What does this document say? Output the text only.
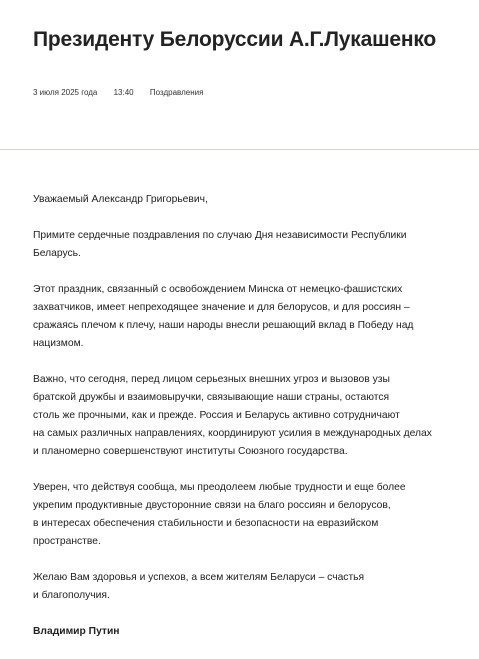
Президенту Белоруссии А.Г.Лукашенко
3 июля 2025 года 13:40 Поздравления

Уважаемый Александр Григорьевич,

Примите сердечные поздравления по случаю Дня независимости Республики
Беларусь.

Этот праздник, связанный с освобождением Минска от немецко-фашистских
захватчиков, имеет непреходящее значение и для белорусов, и для россиян –
сражаясь плечом к плечу, наши народы внесли решающий вклад в Победу над
нацизмом.

Важно, что сегодня, перед лицом серьезных внешних угроз и вызовов узы
братской дружбы и взаимовыручки, связывающие наши страны, остаются
столь же прочными, как и прежде. Россия и Беларусь активно сотрудничают
на самых различных направлениях, координируют усилия в международных делах
и планомерно совершенствуют институты Союзного государства.

Уверен, что действуя сообща, мы преодолеем любые трудности и еще более
укрепим продуктивные двусторонние связи на благо россиян и белорусов,
в интересах обеспечения стабильности и безопасности на евразийском
пространстве.

Желаю Вам здоровья и успехов, а всем жителям Беларуси – счастья
и благополучия.

Владимир Путин
